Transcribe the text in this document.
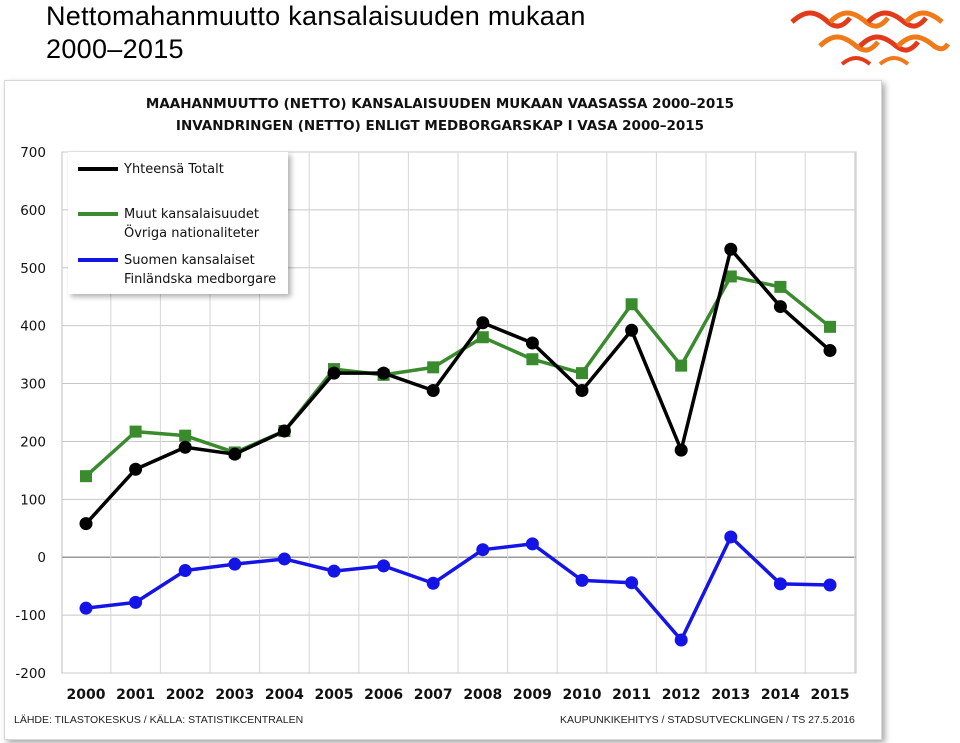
Nettomahanmuutto kansalaisuuden mukaan
2000–2015
MAAHANMUUTTO (NETTO) KANSALAISUUDEN MUKAAN VAASASSA 2000–2015
INVANDRINGEN (NETTO) ENLIGT MEDBORGARSKAP I VASA 2000–2015
-200
-100
0
100
200
300
400
500
600
700
2000 2001 2002 2003 2004 2005 2006 2007 2008 2009 2010 2011 2012 2013 2014 2015
Yhteensä Totalt
Muut kansalaisuudet
Övriga nationaliteter
Suomen kansalaiset
Finländska medborgare
LÄHDE: TILASTOKESKUS / KÄLLA: STATISTIKCENTRALEN	KAUPUNKIKEHITYS / STADSUTVECKLINGEN / TS 27.5.2016
